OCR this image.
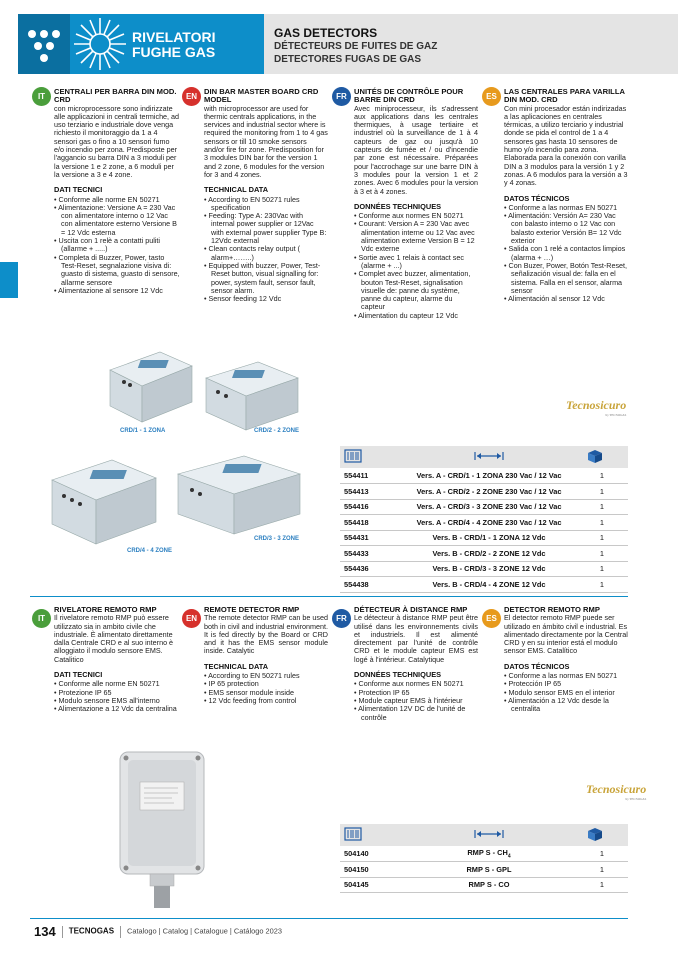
RIVELATORI
FUGHE GAS
GAS DETECTORS
DÉTECTEURS DE FUITES DE GAZ
DETECTORES FUGAS DE GAS
IT
CENTRALI PER BARRA DIN MOD. CRD

con microprocessore sono indirizzate alle applicazioni in centrali termiche, ad uso terziario e industriale dove venga richiesto il monitoraggio da 1 a 4 sensori gas o fino a 10 sensori fumo e/o incendio per zona. Predisposte per l'aggancio su barra DIN a 3 moduli per la versione 1 e 2 zone, a 6 moduli per la versione a 3 e 4 zone.

DATI TECNICI
• Conforme alle norme EN 50271
• Alimentazione: Versione A = 230 Vac con alimentatore interno o 12 Vac con alimentatore esterno Versione B = 12 Vdc esterna
• Uscita con 1 relè a contatti puliti (allarme + .....)
• Completa di Buzzer, Power, tasto Test-Reset, segnalazione visiva di: guasto di sistema, guasto di sensore, allarme sensore
• Alimentazione al sensore 12 Vdc
EN
DIN BAR MASTER BOARD CRD MODEL

with microprocessor are used for thermic centrals applications, in the services and industrial sector where is required the monitoring from 1 to 4 gas sensors or till 10 smoke sensors and/or fire for zone. Predisposition for 3 modules DIN bar for the version 1 and 2 zone, 6 modules for the version for 3 and 4 zones.

TECHNICAL DATA
• According to EN 50271 rules specification
• Feeding: Type A: 230Vac with internal power supplier or 12Vac with external power supplier Type B: 12Vdc external
• Clean contacts relay output ( alarm+……..)
• Equipped with buzzer, Power, Test-Reset button, visual signalling for: power, system fault, sensor fault, sensor alarm.
• Sensor feeding 12 Vdc
FR
UNITÉS DE CONTRÔLE POUR BARRE DIN CRD

Avec miniprocesseur, ils s'adressent aux applications dans les centrales thermiques, à usage tertiaire et industriel où la surveillance de 1 à 4 capteurs de gaz ou jusqu'à 10 capteurs de fumée et / ou d'incendie par zone est nécessaire. Préparées pour l'accrochage sur une barre DIN à 3 modules pour la version 1 et 2 zones. Avec 6 modules pour la version à 3 et à 4 zones.

DONNÉES TECHNIQUES
• Conforme aux normes EN 50271
• Courant: Version A = 230 Vac avec alimentation interne ou 12 Vac avec alimentation externe Version B = 12 Vdc externe
• Sortie avec 1 relais à contact sec (alarme + ...)
• Complet avec buzzer, alimentation, bouton Test-Reset, signalisation visuelle de: panne du système, panne du capteur, alarme du capteur
• Alimentation du capteur 12 Vdc
ES
LAS CENTRALES PARA VARILLA DIN MOD. CRD

Con mini procesador están indirizadas a las aplicaciones en centrales térmicas, a utilizo terciario y industrial donde se pida el control de 1 a 4 sensores gas hasta 10 sensores de humo y/o incendio para zona. Elaborada para la conexión con varilla DIN a 3 modulos para la versión 1 y 2 zonas. A 6 modulos para la versión a 3 y 4 zonas.

DATOS TÉCNICOS
• Conforme a las normas EN 50271
• Alimentación: Versión A= 230 Vac con balasto interno o 12 Vac con balasto exterior Versión B= 12 Vdc exterior
• Salida con 1 relé a contactos limpios (alarma + …)
• Con Buzer, Power, Botón Test-Reset, señalización visual de: falla en el sistema. Falla en el sensor, alarma sensor
• Alimentación al sensor 12 Vdc
CRD/1 - 1 ZONA	CRD/2 - 2 ZONE
CRD/4 - 4 ZONE
CRD/3 - 3 ZONE
Tecnosicuro
by TECNOGAS

554411	Vers. A - CRD/1 - 1 ZONA 230 Vac / 12 Vac	1
554413	Vers. A - CRD/2 - 2 ZONE 230 Vac / 12 Vac	1
554416	Vers. A - CRD/3 - 3 ZONE 230 Vac / 12 Vac	1
554418	Vers. A - CRD/4 - 4 ZONE 230 Vac / 12 Vac	1
554431	Vers. B - CRD/1 - 1 ZONA 12 Vdc	1
554433	Vers. B - CRD/2 - 2 ZONE 12 Vdc	1
554436	Vers. B - CRD/3 - 3 ZONE 12 Vdc	1
554438	Vers. B - CRD/4 - 4 ZONE 12 Vdc	1
IT
RIVELATORE REMOTO RMP

Il rivelatore remoto RMP può essere utilizzato sia in ambito civile che industriale. È alimentato direttamente dalla Centrale CRD e al suo interno è alloggiato il modulo sensore EMS. Catalitico

DATI TECNICI
• Conforme alle norme EN 50271
• Protezione IP 65
• Modulo sensore EMS all'interno
• Alimentazione a 12 Vdc da centralina
EN
REMOTE DETECTOR RMP

The remote detector RMP can be used both in civil and industrial environment. It is fed directly by the Board or CRD and it has the EMS sensor module inside. Catalytic

TECHNICAL DATA
• According to EN 50271 rules
• IP 65 protection
• EMS sensor module inside
• 12 Vdc feeding from control
FR
DÉTECTEUR À DISTANCE RMP

Le détecteur à distance RMP peut être utilisé dans les environnements civils et industriels. Il est alimenté directement par l'unité de contrôle CRD et le module capteur EMS est logé à l'intérieur. Catalytique

DONNÉES TECHNIQUES
• Conforme aux normes EN 50271
• Protection IP 65
• Module capteur EMS à l'intérieur
• Alimentation 12V DC de l'unité de contrôle
ES
DETECTOR REMOTO RMP

El detector remoto RMP puede ser utilizado en ámbito civil e industrial. Es alimentado directamente por la Central CRD y en su interior está el modulo sensor EMS. Catalítico

DATOS TÉCNICOS
• Conforme a las normas EN 50271
• Protección IP 65
• Modulo sensor EMS en el interior
• Alimentación a 12 Vdc desde la centralita
Tecnosicuro
by TECNOGAS

504140	RMP S - $CH_4$	1
504150	RMP S - GPL	1
504145	RMP S - CO	1
134 TECNOGAS Catalogo | Catalog | Catalogue | Catálogo 2023
